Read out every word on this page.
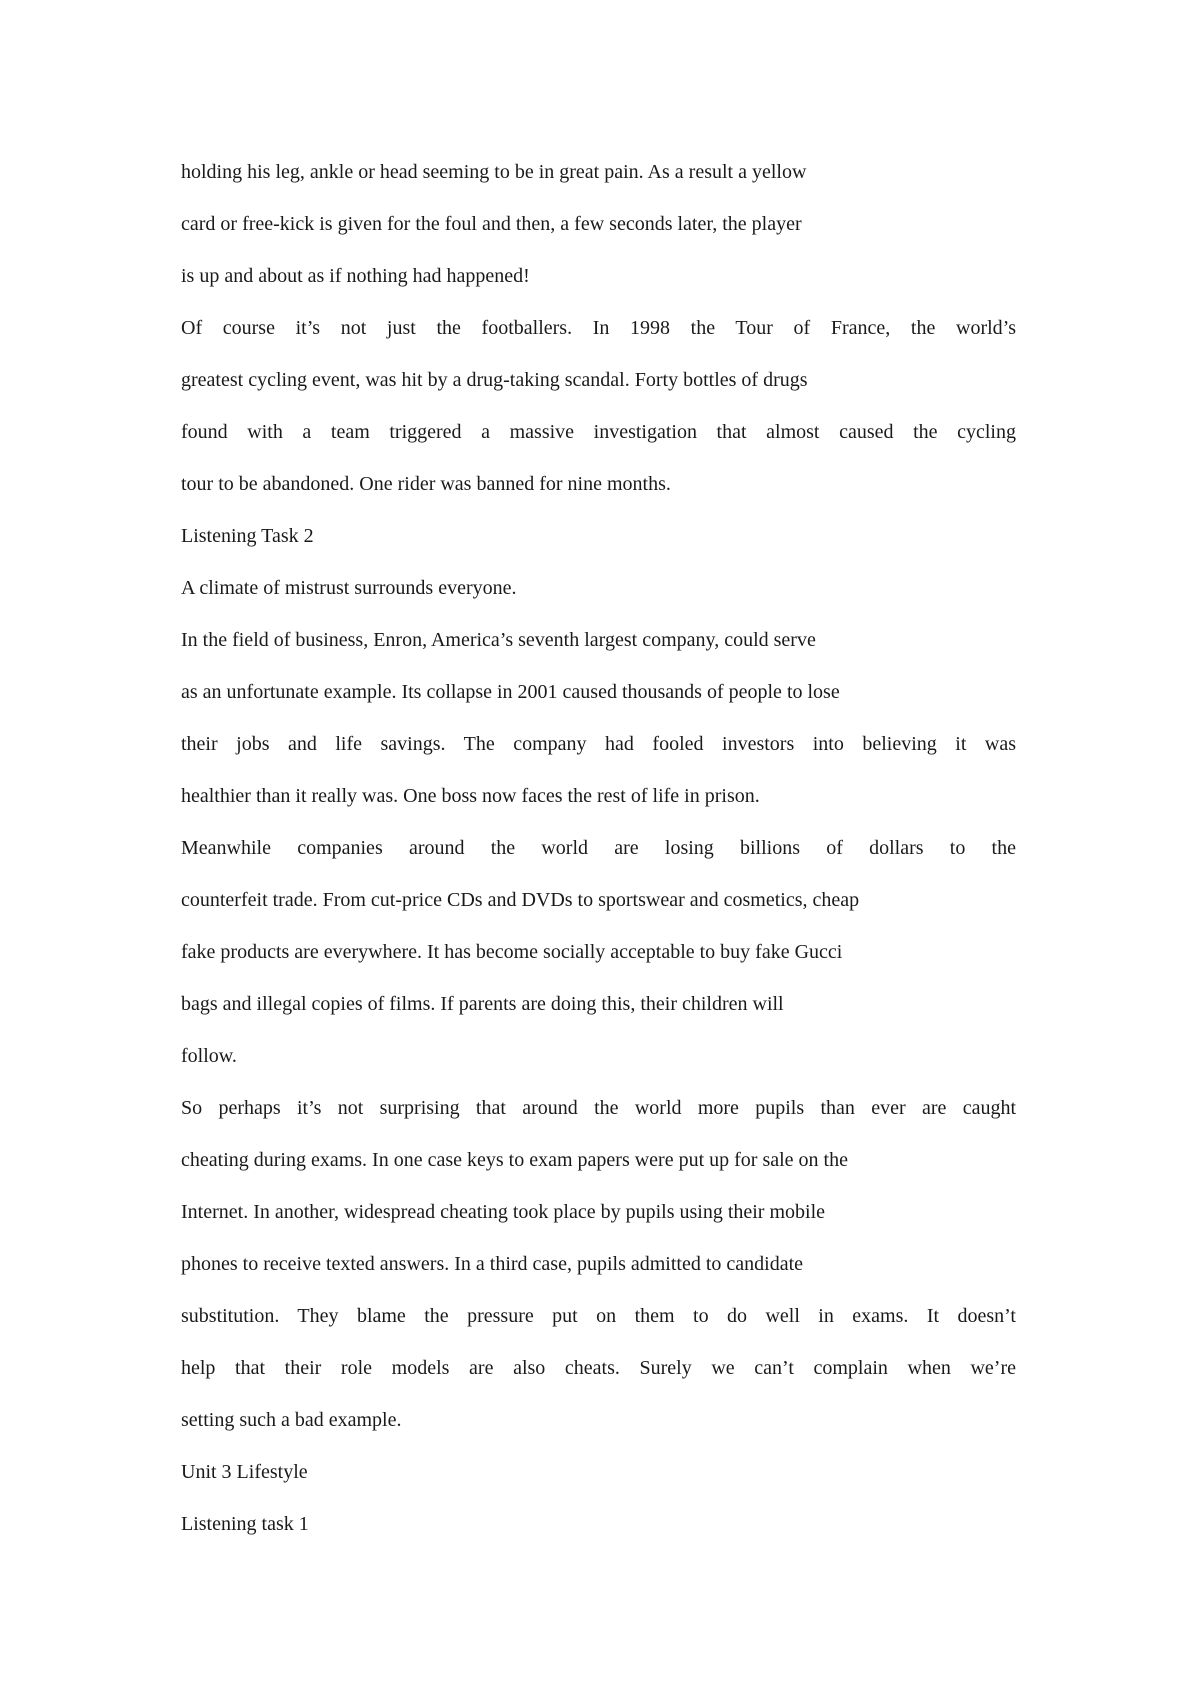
holding his leg, ankle or head seeming to be in great pain. As a result a yellow
card or free-kick is given for the foul and then, a few seconds later, the player
is up and about as if nothing had happened!
Of course it’s not just the footballers. In 1998 the Tour of France, the world’s
greatest cycling event, was hit by a drug-taking scandal. Forty bottles of drugs
found with a team triggered a massive investigation that almost caused the cycling
tour to be abandoned. One rider was banned for nine months.
Listening Task 2
A climate of mistrust surrounds everyone.
In the field of business, Enron, America’s seventh largest company, could serve
as an unfortunate example. Its collapse in 2001 caused thousands of people to lose
their jobs and life savings. The company had fooled investors into believing it was
healthier than it really was. One boss now faces the rest of life in prison.
Meanwhile companies around the world are losing billions of dollars to the
counterfeit trade. From cut-price CDs and DVDs to sportswear and cosmetics, cheap
fake products are everywhere. It has become socially acceptable to buy fake Gucci
bags and illegal copies of films. If parents are doing this, their children will
follow.
So perhaps it’s not surprising that around the world more pupils than ever are caught
cheating during exams. In one case keys to exam papers were put up for sale on the
Internet. In another, widespread cheating took place by pupils using their mobile
phones to receive texted answers. In a third case, pupils admitted to candidate
substitution. They blame the pressure put on them to do well in exams. It doesn’t
help that their role models are also cheats. Surely we can’t complain when we’re
setting such a bad example.
Unit 3 Lifestyle
Listening task 1
